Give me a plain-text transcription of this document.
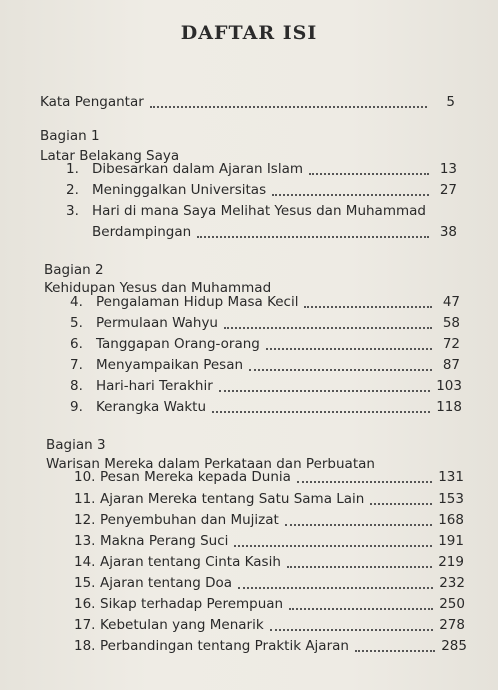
DAFTAR ISI
Kata Pengantar	5
Bagian 1
Latar Belakang Saya
1. Dibesarkan dalam Ajaran Islam	13
2. Meninggalkan Universitas	27
3. Hari di mana Saya Melihat Yesus dan Muhammad
Berdampingan	38
Bagian 2
Kehidupan Yesus dan Muhammad
4. Pengalaman Hidup Masa Kecil	47
5. Permulaan Wahyu	58
6. Tanggapan Orang-orang	72
7. Menyampaikan Pesan	87
8. Hari-hari Terakhir	103
9. Kerangka Waktu	118
Bagian 3
Warisan Mereka dalam Perkataan dan Perbuatan
10. Pesan Mereka kepada Dunia	131
11. Ajaran Mereka tentang Satu Sama Lain	153
12. Penyembuhan dan Mujizat	168
13. Makna Perang Suci	191
14. Ajaran tentang Cinta Kasih	219
15. Ajaran tentang Doa	232
16. Sikap terhadap Perempuan	250
17. Kebetulan yang Menarik	278
18. Perbandingan tentang Praktik Ajaran	285
